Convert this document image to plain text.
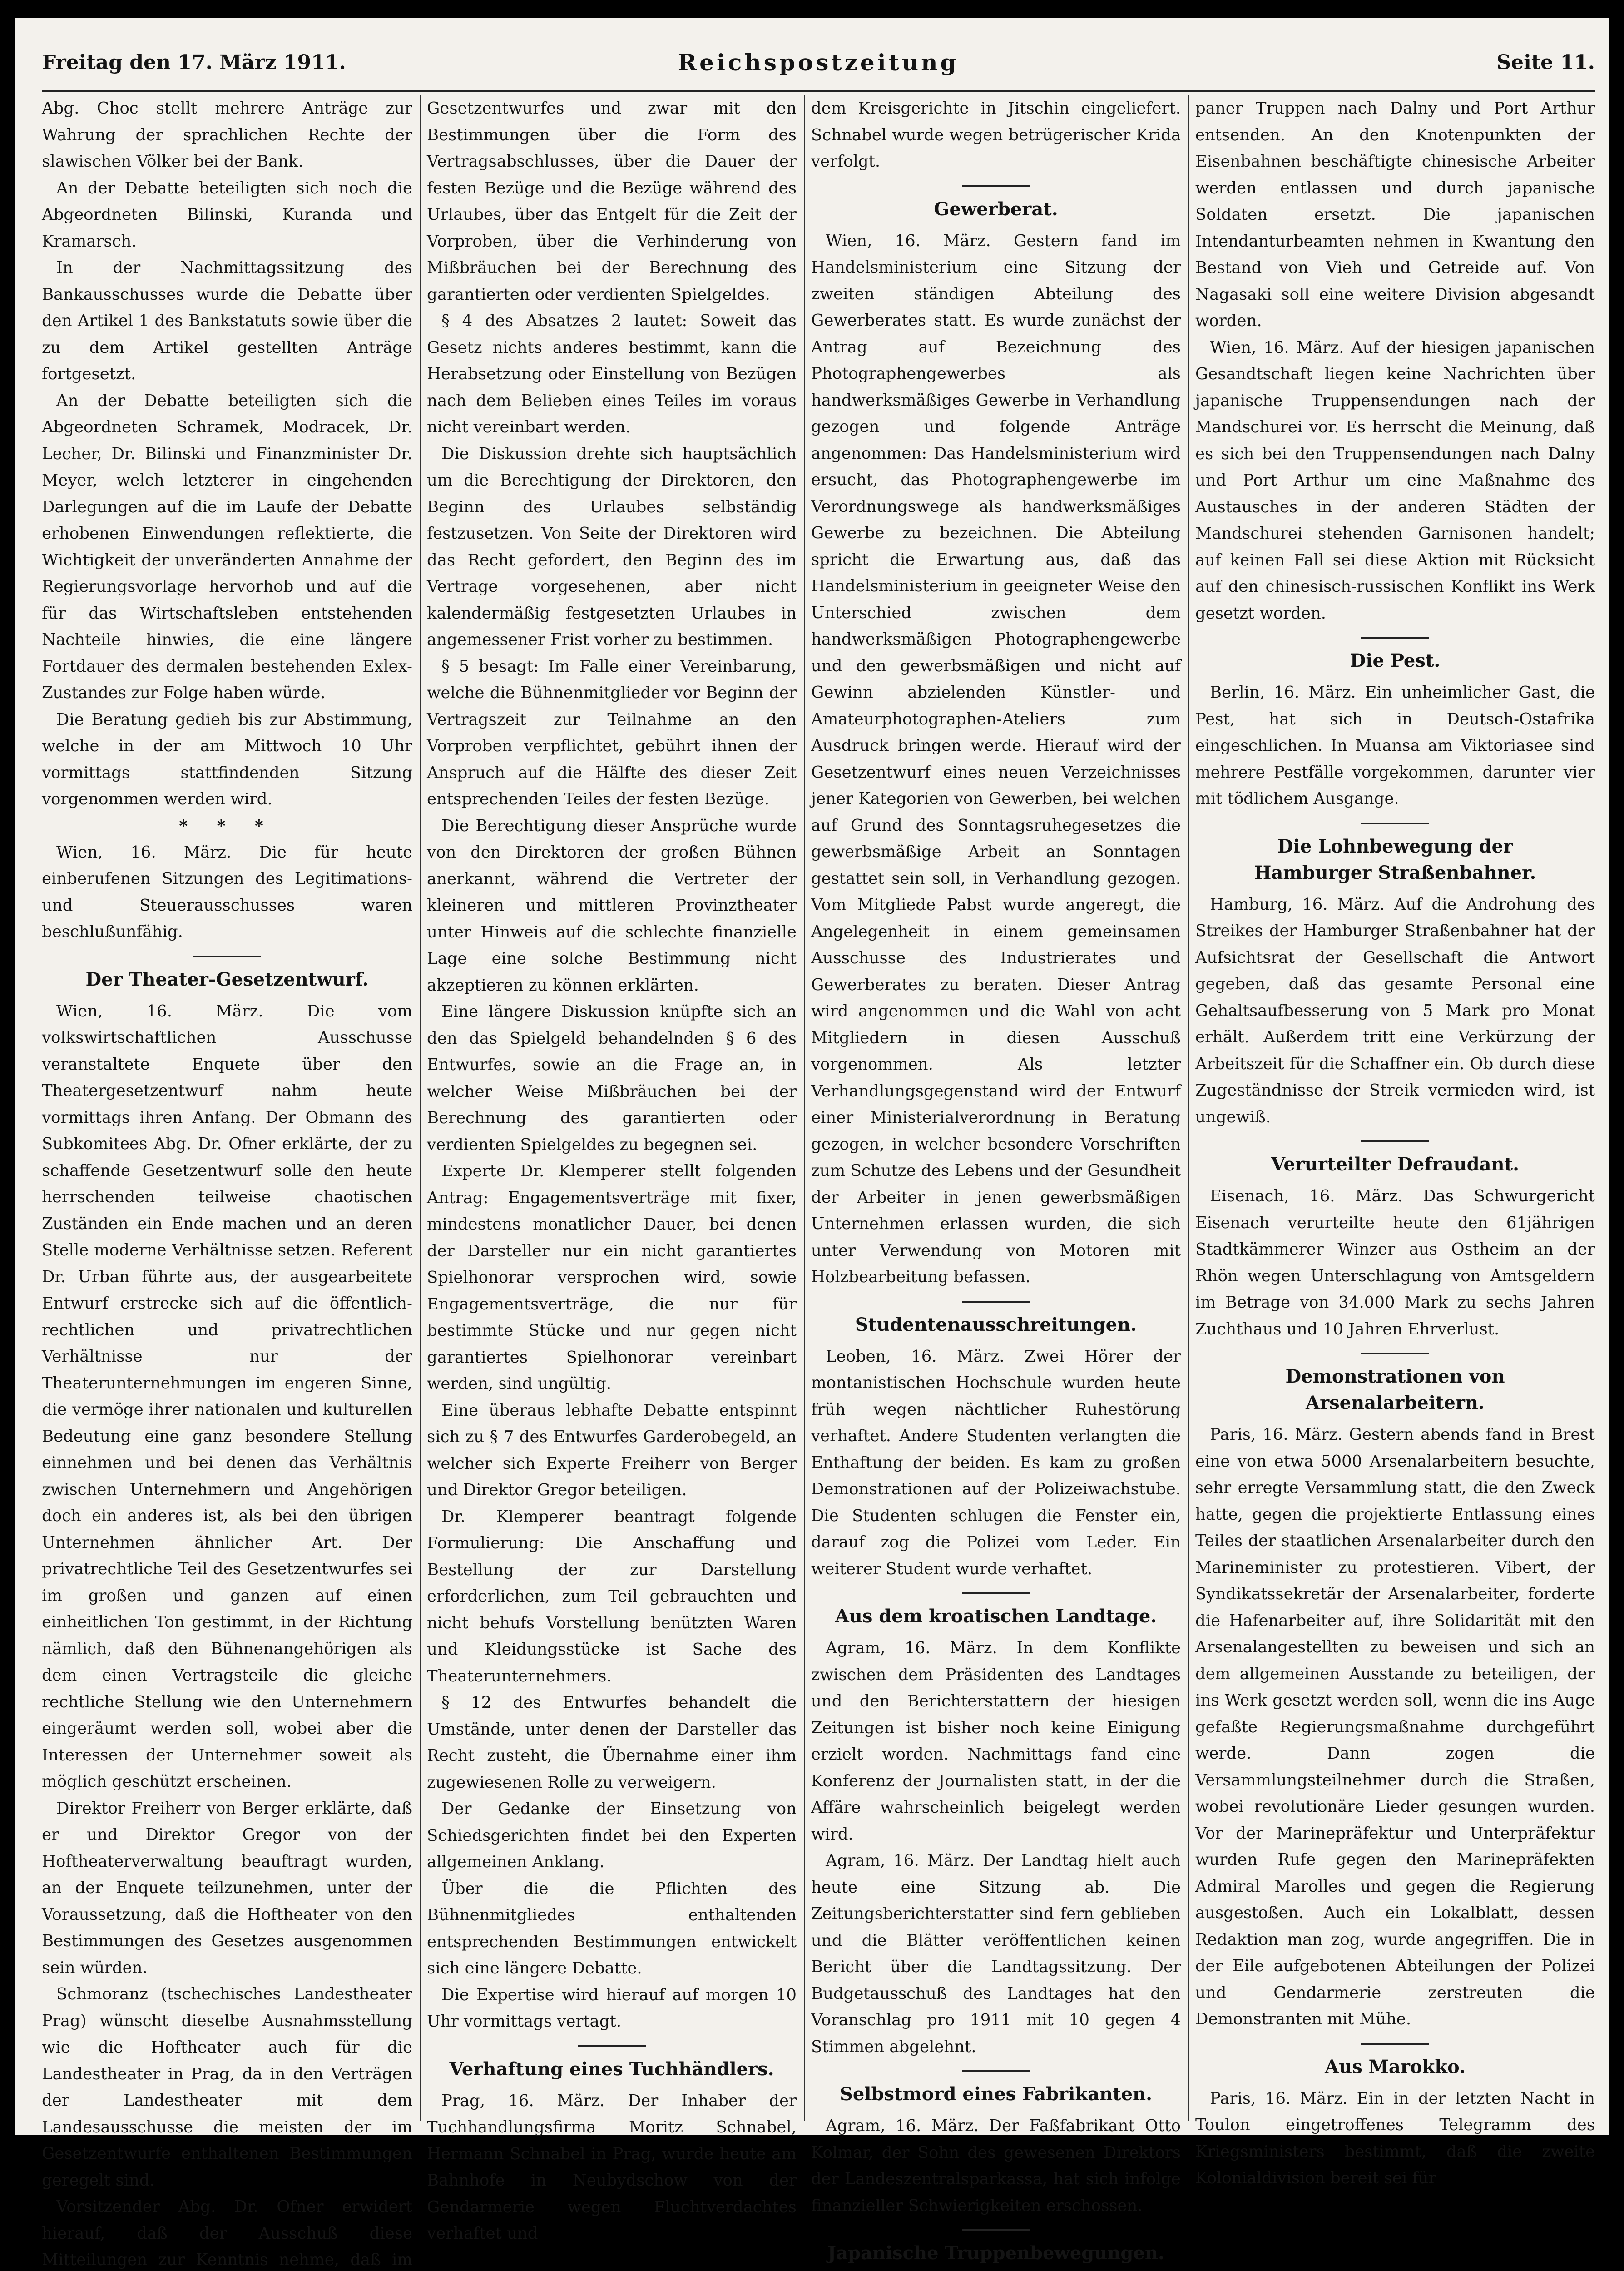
Freitag den 17. März 1911.	Reichspostzeitung	Seite 11.

Abg. Choc stellt mehrere Anträge zur Wahrung der sprachlichen Rechte der slawischen Völker bei der Bank.

An der Debatte beteiligten sich noch die Abgeordneten Bilinski, Kuranda und Kramarsch.

In der Nachmittagssitzung des Bankausschusses wurde die Debatte über den Artikel 1 des Bankstatuts sowie über die zu dem Artikel gestellten Anträge fortgesetzt.

An der Debatte beteiligten sich die Abgeordneten Schramek, Modracek, Dr. Lecher, Dr. Bilinski und Finanzminister Dr. Meyer, welch letzterer in eingehenden Darlegungen auf die im Laufe der Debatte erhobenen Einwendungen reflektierte, die Wichtigkeit der unveränderten Annahme der Regierungsvorlage hervorhob und auf die für das Wirtschaftsleben entstehenden Nachteile hinwies, die eine längere Fortdauer des dermalen bestehenden Exlex-Zustandes zur Folge haben würde.

Die Beratung gedieh bis zur Abstimmung, welche in der am Mittwoch 10 Uhr vormittags stattfindenden Sitzung vorgenommen werden wird.

* * *

Wien, 16. März. Die für heute einberufenen Sitzungen des Legitimations- und Steuerausschusses waren beschlußunfähig.

Der Theater-Gesetzentwurf.

Wien, 16. März. Die vom volkswirtschaftlichen Ausschusse veranstaltete Enquete über den Theatergesetzentwurf nahm heute vormittags ihren Anfang. Der Obmann des Subkomitees Abg. Dr. Ofner erklärte, der zu schaffende Gesetzentwurf solle den heute herrschenden teilweise chaotischen Zuständen ein Ende machen und an deren Stelle moderne Verhältnisse setzen. Referent Dr. Urban führte aus, der ausgearbeitete Entwurf erstrecke sich auf die öffentlich-rechtlichen und privatrechtlichen Verhältnisse nur der Theaterunternehmungen im engeren Sinne, die vermöge ihrer nationalen und kulturellen Bedeutung eine ganz besondere Stellung einnehmen und bei denen das Verhältnis zwischen Unternehmern und Angehörigen doch ein anderes ist, als bei den übrigen Unternehmen ähnlicher Art. Der privatrechtliche Teil des Gesetzentwurfes sei im großen und ganzen auf einen einheitlichen Ton gestimmt, in der Richtung nämlich, daß den Bühnenangehörigen als dem einen Vertragsteile die gleiche rechtliche Stellung wie den Unternehmern eingeräumt werden soll, wobei aber die Interessen der Unternehmer soweit als möglich geschützt erscheinen.

Direktor Freiherr von Berger erklärte, daß er und Direktor Gregor von der Hoftheaterverwaltung beauftragt wurden, an der Enquete teilzunehmen, unter der Voraussetzung, daß die Hoftheater von den Bestimmungen des Gesetzes ausgenommen sein würden.

Schmoranz (tschechisches Landestheater Prag) wünscht dieselbe Ausnahmsstellung wie die Hoftheater auch für die Landestheater in Prag, da in den Verträgen der Landestheater mit dem Landesausschusse die meisten der im Gesetzentwurfe enthaltenen Bestimmungen geregelt sind.

Vorsitzender Abg. Dr. Ofner erwidert hierauf, daß der Ausschuß diese Mitteilungen zur Kenntnis nehme, daß im

Gesetzentwurfes und zwar mit den Bestimmungen über die Form des Vertragsabschlusses, über die Dauer der festen Bezüge und die Bezüge während des Urlaubes, über das Entgelt für die Zeit der Vorproben, über die Verhinderung von Mißbräuchen bei der Berechnung des garantierten oder verdienten Spielgeldes.

§ 4 des Absatzes 2 lautet: Soweit das Gesetz nichts anderes bestimmt, kann die Herabsetzung oder Einstellung von Bezügen nach dem Belieben eines Teiles im voraus nicht vereinbart werden.

Die Diskussion drehte sich hauptsächlich um die Berechtigung der Direktoren, den Beginn des Urlaubes selbständig festzusetzen. Von Seite der Direktoren wird das Recht gefordert, den Beginn des im Vertrage vorgesehenen, aber nicht kalendermäßig festgesetzten Urlaubes in angemessener Frist vorher zu bestimmen.

§ 5 besagt: Im Falle einer Vereinbarung, welche die Bühnenmitglieder vor Beginn der Vertragszeit zur Teilnahme an den Vorproben verpflichtet, gebührt ihnen der Anspruch auf die Hälfte des dieser Zeit entsprechenden Teiles der festen Bezüge.

Die Berechtigung dieser Ansprüche wurde von den Direktoren der großen Bühnen anerkannt, während die Vertreter der kleineren und mittleren Provinztheater unter Hinweis auf die schlechte finanzielle Lage eine solche Bestimmung nicht akzeptieren zu können erklärten.

Eine längere Diskussion knüpfte sich an den das Spielgeld behandelnden § 6 des Entwurfes, sowie an die Frage an, in welcher Weise Mißbräuchen bei der Berechnung des garantierten oder verdienten Spielgeldes zu begegnen sei.

Experte Dr. Klemperer stellt folgenden Antrag: Engagementsverträge mit fixer, mindestens monatlicher Dauer, bei denen der Darsteller nur ein nicht garantiertes Spielhonorar versprochen wird, sowie Engagementsverträge, die nur für bestimmte Stücke und nur gegen nicht garantiertes Spielhonorar vereinbart werden, sind ungültig.

Eine überaus lebhafte Debatte entspinnt sich zu § 7 des Entwurfes Garderobegeld, an welcher sich Experte Freiherr von Berger und Direktor Gregor beteiligen.

Dr. Klemperer beantragt folgende Formulierung: Die Anschaffung und Bestellung der zur Darstellung erforderlichen, zum Teil gebrauchten und nicht behufs Vorstellung benützten Waren und Kleidungsstücke ist Sache des Theaterunternehmers.

§ 12 des Entwurfes behandelt die Umstände, unter denen der Darsteller das Recht zusteht, die Übernahme einer ihm zugewiesenen Rolle zu verweigern.

Der Gedanke der Einsetzung von Schiedsgerichten findet bei den Experten allgemeinen Anklang.

Über die die Pflichten des Bühnenmitgliedes enthaltenden entsprechenden Bestimmungen entwickelt sich eine längere Debatte.

Die Expertise wird hierauf auf morgen 10 Uhr vormittags vertagt.

Verhaftung eines Tuchhändlers.

Prag, 16. März. Der Inhaber der Tuchhandlungsfirma Moritz Schnabel, Hermann Schnabel in Prag, wurde heute am Bahnhofe in Neubydschow von der Gendarmerie wegen Fluchtverdachtes verhaftet und

dem Kreisgerichte in Jitschin eingeliefert. Schnabel wurde wegen betrügerischer Krida verfolgt.

Gewerberat.

Wien, 16. März. Gestern fand im Handelsministerium eine Sitzung der zweiten ständigen Abteilung des Gewerberates statt. Es wurde zunächst der Antrag auf Bezeichnung des Photographengewerbes als handwerksmäßiges Gewerbe in Verhandlung gezogen und folgende Anträge angenommen: Das Handelsministerium wird ersucht, das Photographengewerbe im Verordnungswege als handwerksmäßiges Gewerbe zu bezeichnen. Die Abteilung spricht die Erwartung aus, daß das Handelsministerium in geeigneter Weise den Unterschied zwischen dem handwerksmäßigen Photographengewerbe und den gewerbsmäßigen und nicht auf Gewinn abzielenden Künstler- und Amateurphotographen-Ateliers zum Ausdruck bringen werde. Hierauf wird der Gesetzentwurf eines neuen Verzeichnisses jener Kategorien von Gewerben, bei welchen auf Grund des Sonntagsruhegesetzes die gewerbsmäßige Arbeit an Sonntagen gestattet sein soll, in Verhandlung gezogen. Vom Mitgliede Pabst wurde angeregt, die Angelegenheit in einem gemeinsamen Ausschusse des Industrierates und Gewerberates zu beraten. Dieser Antrag wird angenommen und die Wahl von acht Mitgliedern in diesen Ausschuß vorgenommen. Als letzter Verhandlungsgegenstand wird der Entwurf einer Ministerialverordnung in Beratung gezogen, in welcher besondere Vorschriften zum Schutze des Lebens und der Gesundheit der Arbeiter in jenen gewerbsmäßigen Unternehmen erlassen wurden, die sich unter Verwendung von Motoren mit Holzbearbeitung befassen.

Studentenausschreitungen.

Leoben, 16. März. Zwei Hörer der montanistischen Hochschule wurden heute früh wegen nächtlicher Ruhestörung verhaftet. Andere Studenten verlangten die Enthaftung der beiden. Es kam zu großen Demonstrationen auf der Polizeiwachstube. Die Studenten schlugen die Fenster ein, darauf zog die Polizei vom Leder. Ein weiterer Student wurde verhaftet.

Aus dem kroatischen Landtage.

Agram, 16. März. In dem Konflikte zwischen dem Präsidenten des Landtages und den Berichterstattern der hiesigen Zeitungen ist bisher noch keine Einigung erzielt worden. Nachmittags fand eine Konferenz der Journalisten statt, in der die Affäre wahrscheinlich beigelegt werden wird.

Agram, 16. März. Der Landtag hielt auch heute eine Sitzung ab. Die Zeitungsberichterstatter sind fern geblieben und die Blätter veröffentlichen keinen Bericht über die Landtagssitzung. Der Budgetausschuß des Landtages hat den Voranschlag pro 1911 mit 10 gegen 4 Stimmen abgelehnt.

Selbstmord eines Fabrikanten.

Agram, 16. März. Der Faßfabrikant Otto Kolmar, der Sohn des gewesenen Direktors der Landeszentralsparkassa, hat sich infolge finanzieller Schwierigkeiten erschossen.

Japanische Truppenbewegungen.

paner Truppen nach Dalny und Port Arthur entsenden. An den Knotenpunkten der Eisenbahnen beschäftigte chinesische Arbeiter werden entlassen und durch japanische Soldaten ersetzt. Die japanischen Intendanturbeamten nehmen in Kwantung den Bestand von Vieh und Getreide auf. Von Nagasaki soll eine weitere Division abgesandt worden.

Wien, 16. März. Auf der hiesigen japanischen Gesandtschaft liegen keine Nachrichten über japanische Truppensendungen nach der Mandschurei vor. Es herrscht die Meinung, daß es sich bei den Truppensendungen nach Dalny und Port Arthur um eine Maßnahme des Austausches in der anderen Städten der Mandschurei stehenden Garnisonen handelt; auf keinen Fall sei diese Aktion mit Rücksicht auf den chinesisch-russischen Konflikt ins Werk gesetzt worden.

Die Pest.

Berlin, 16. März. Ein unheimlicher Gast, die Pest, hat sich in Deutsch-Ostafrika eingeschlichen. In Muansa am Viktoriasee sind mehrere Pestfälle vorgekommen, darunter vier mit tödlichem Ausgange.

Die Lohnbewegung der
Hamburger Straßenbahner.

Hamburg, 16. März. Auf die Androhung des Streikes der Hamburger Straßenbahner hat der Aufsichtsrat der Gesellschaft die Antwort gegeben, daß das gesamte Personal eine Gehaltsaufbesserung von 5 Mark pro Monat erhält. Außerdem tritt eine Verkürzung der Arbeitszeit für die Schaffner ein. Ob durch diese Zugeständnisse der Streik vermieden wird, ist ungewiß.

Verurteilter Defraudant.

Eisenach, 16. März. Das Schwurgericht Eisenach verurteilte heute den 61jährigen Stadtkämmerer Winzer aus Ostheim an der Rhön wegen Unterschlagung von Amtsgeldern im Betrage von 34.000 Mark zu sechs Jahren Zuchthaus und 10 Jahren Ehrverlust.

Demonstrationen von Arsenalarbeitern.

Paris, 16. März. Gestern abends fand in Brest eine von etwa 5000 Arsenalarbeitern besuchte, sehr erregte Versammlung statt, die den Zweck hatte, gegen die projektierte Entlassung eines Teiles der staatlichen Arsenalarbeiter durch den Marineminister zu protestieren. Vibert, der Syndikatssekretär der Arsenalarbeiter, forderte die Hafenarbeiter auf, ihre Solidarität mit den Arsenalangestellten zu beweisen und sich an dem allgemeinen Ausstande zu beteiligen, der ins Werk gesetzt werden soll, wenn die ins Auge gefaßte Regierungsmaßnahme durchgeführt werde. Dann zogen die Versammlungsteilnehmer durch die Straßen, wobei revolutionäre Lieder gesungen wurden. Vor der Marinepräfektur und Unterpräfektur wurden Rufe gegen den Marinepräfekten Admiral Marolles und gegen die Regierung ausgestoßen. Auch ein Lokalblatt, dessen Redaktion man zog, wurde angegriffen. Die in der Eile aufgebotenen Abteilungen der Polizei und Gendarmerie zerstreuten die Demonstranten mit Mühe.

Aus Marokko.

Paris, 16. März. Ein in der letzten Nacht in Toulon eingetroffenes Telegramm des Kriegsministers bestimmt, daß die zweite Kolonialdivision bereit sei für
